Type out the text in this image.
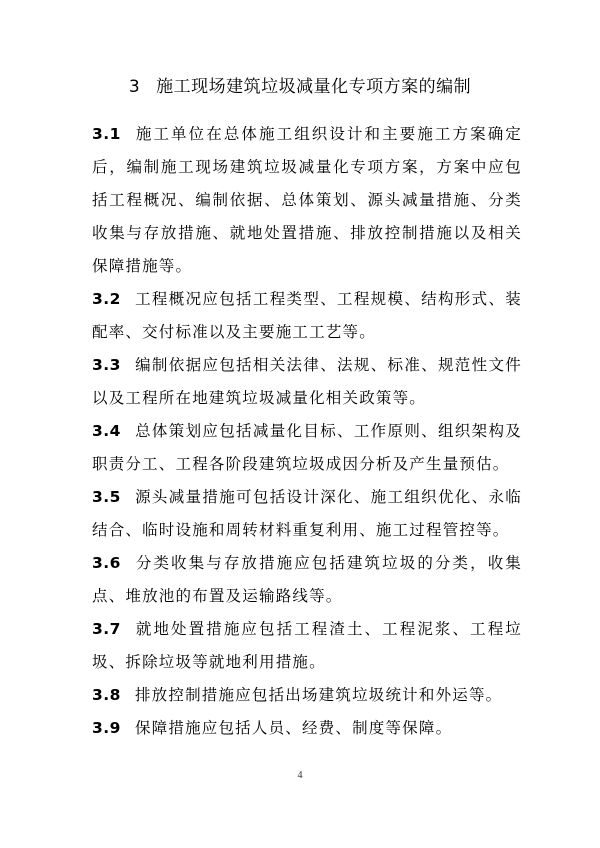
3 施工现场建筑垃圾减量化专项方案的编制

3.1 施工单位在总体施工组织设计和主要施工方案确定后，编制施工现场建筑垃圾减量化专项方案，方案中应包括工程概况、编制依据、总体策划、源头减量措施、分类收集与存放措施、就地处置措施、排放控制措施以及相关保障措施等。

3.2 工程概况应包括工程类型、工程规模、结构形式、装配率、交付标准以及主要施工工艺等。

3.3 编制依据应包括相关法律、法规、标准、规范性文件以及工程所在地建筑垃圾减量化相关政策等。

3.4 总体策划应包括减量化目标、工作原则、组织架构及职责分工、工程各阶段建筑垃圾成因分析及产生量预估。

3.5 源头减量措施可包括设计深化、施工组织优化、永临结合、临时设施和周转材料重复利用、施工过程管控等。

3.6 分类收集与存放措施应包括建筑垃圾的分类，收集点、堆放池的布置及运输路线等。

3.7 就地处置措施应包括工程渣土、工程泥浆、工程垃圾、拆除垃圾等就地利用措施。

3.8 排放控制措施应包括出场建筑垃圾统计和外运等。

3.9 保障措施应包括人员、经费、制度等保障。

4
